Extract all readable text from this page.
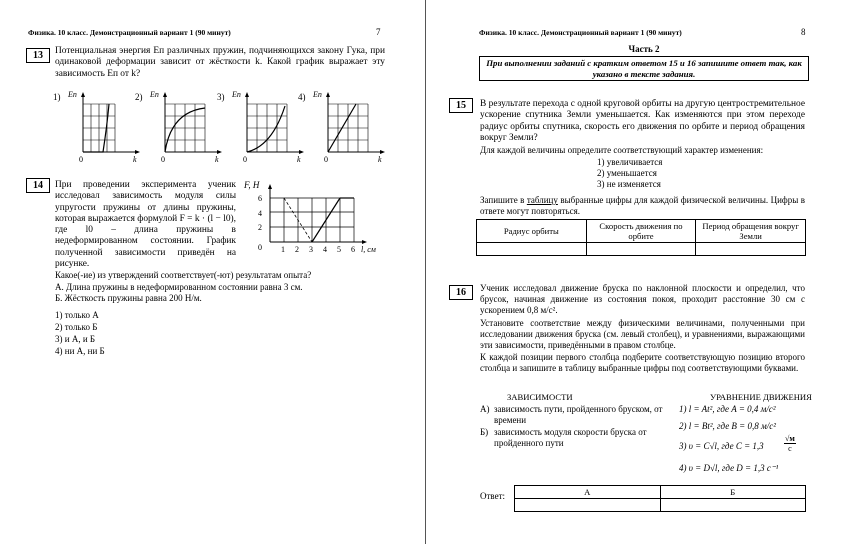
Физика. 10 класс. Демонстрационный вариант 1 (90 минут)	7
13	Потенциальная энергия Eп различных пружин, подчиняющихся закону Гука, при одинаковой деформации зависит от жёсткости k. Какой график выражает эту зависимость Eп от k?
1) Eп
0	k
2) Eп
0	k
3) Eп
0	k
4) Eп
0	k
14	При проведении эксперимента ученик исследовал зависимость модуля силы упругости пружины от длины пружины, которая выражается формулой F = k · (l − l0), где l0 – длина пружины в недеформированном состоянии. График полученной зависимости приведён на рисунке.
F, Н
6
4
2
0 1 2 3 4 5 6 l, см
Какое(-ие) из утверждений соответствует(-ют) результатам опыта?
А. Длина пружины в недеформированном состоянии равна 3 см.
Б. Жёсткость пружины равна 200 Н/м.
1) только А
2) только Б
3) и А, и Б
4) ни А, ни Б
Физика. 10 класс. Демонстрационный вариант 1 (90 минут)	8
Часть 2
При выполнении заданий с кратким ответом 15 и 16 запишите ответ так, как указано в тексте задания.
15	В результате перехода с одной круговой орбиты на другую центростремительное ускорение спутника Земли уменьшается. Как изменяются при этом переходе радиус орбиты спутника, скорость его движения по орбите и период обращения вокруг Земли?
Для каждой величины определите соответствующий характер изменения:
1) увеличивается
2) уменьшается
3) не изменяется
Запишите в таблицу выбранные цифры для каждой физической величины. Цифры в ответе могут повторяться.
Радиус орбиты	Скорость движения по орбите	Период обращения вокруг Земли

16	Ученик исследовал движение бруска по наклонной плоскости и определил, что брусок, начиная движение из состояния покоя, проходит расстояние 30 см с ускорением 0,8 м/с².
Установите соответствие между физическими величинами, полученными при исследовании движения бруска (см. левый столбец), и уравнениями, выражающими эти зависимости, приведёнными в правом столбце.
К каждой позиции первого столбца подберите соответствующую позицию второго столбца и запишите в таблицу выбранные цифры под соответствующими буквами.
ЗАВИСИМОСТИ	УРАВНЕНИЕ ДВИЖЕНИЯ
А) зависимость пути, пройденного бруском, от времени
Б) зависимость модуля скорости бруска от пройденного пути
1) l = At², где A = 0,4 м/с²
2) l = Bt², где B = 0,8 м/с²
3) υ = C√l, где C = 1,3
√м
с
4) υ = D√l, где D = 1,3 с⁻¹
Ответ:	А	Б
